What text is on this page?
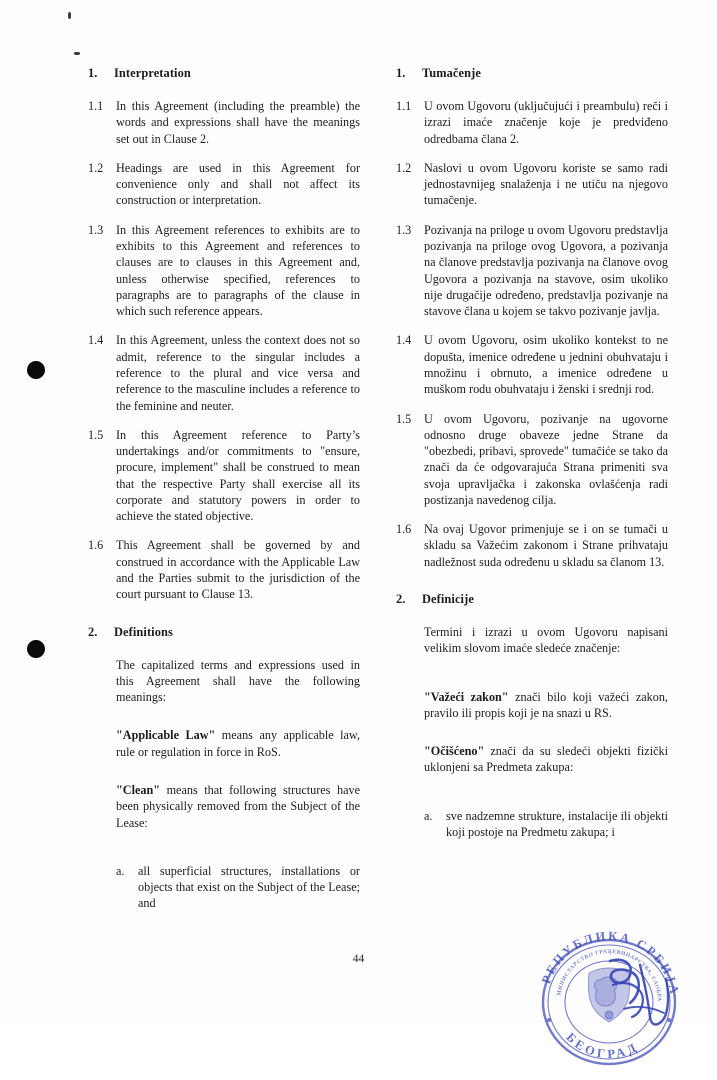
1.	Interpretation
1.1	In this Agreement (including the preamble) the words and expressions shall have the meanings set out in Clause 2.
1.2	Headings are used in this Agreement for convenience only and shall not affect its construction or interpretation.
1.3	In this Agreement references to exhibits are to exhibits to this Agreement and references to clauses are to clauses in this Agreement and, unless otherwise specified, references to paragraphs are to paragraphs of the clause in which such reference appears.
1.4	In this Agreement, unless the context does not so admit, reference to the singular includes a reference to the plural and vice versa and reference to the masculine includes a reference to the feminine and neuter.
1.5	In this Agreement reference to Party’s undertakings and/or commitments to "ensure, procure, implement" shall be construed to mean that the respective Party shall exercise all its corporate and statutory powers in order to achieve the stated objective.
1.6	This Agreement shall be governed by and construed in accordance with the Applicable Law and the Parties submit to the jurisdiction of the court pursuant to Clause 13.
2.	Definitions
The capitalized terms and expressions used in this Agreement shall have the following meanings:
"Applicable Law" means any applicable law, rule or regulation in force in RoS.
"Clean" means that following structures have been physically removed from the Subject of the Lease:
a.	all superficial structures, installations or objects that exist on the Subject of the Lease; and
1.	Tumačenje
1.1	U ovom Ugovoru (uključujući i preambulu) reči i izrazi imaće značenje koje je predviđeno odredbama člana 2.
1.2	Naslovi u ovom Ugovoru koriste se samo radi jednostavnijeg snalaženja i ne utiču na njegovo tumačenje.
1.3	Pozivanja na priloge u ovom Ugovoru predstavlja pozivanja na priloge ovog Ugovora, a pozivanja na članove predstavlja pozivanja na članove ovog Ugovora a pozivanja na stavove, osim ukoliko nije drugačije određeno, predstavlja pozivanje na stavove člana u kojem se takvo pozivanje javlja.
1.4	U ovom Ugovoru, osim ukoliko kontekst to ne dopušta, imenice određene u jednini obuhvataju i množinu i obrnuto, a imenice određene u muškom rodu obuhvataju i ženski i srednji rod.
1.5	U ovom Ugovoru, pozivanje na ugovorne odnosno druge obaveze jedne Strane da "obezbedi, pribavi, sprovede" tumačiće se tako da znači da će odgovarajuća Strana primeniti sva svoja upravljačka i zakonska ovlašćenja radi postizanja navedenog cilja.
1.6	Na ovaj Ugovor primenjuje se i on se tumači u skladu sa Važećim zakonom i Strane prihvataju nadležnost suda određenu u skladu sa članom 13.
2.	Definicije
Termini i izrazi u ovom Ugovoru napisani velikim slovom imaće sledeće značenje:
"Važeći zakon" znači bilo koji važeći zakon, pravilo ili propis koji je na snazi u RS.
"Očišćeno" znači da su sledeći objekti fizički uklonjeni sa Predmeta zakupa:
a.	sve nadzemne strukture, instalacije ili objekti koji postoje na Predmetu zakupa; i
44
РЕПУБЛИКА СРБИЈА
БЕОГРАД
МИНИСТАРСТВО ГРАЂЕВИНАРСТВА, САОБРАЋАЈА И ИНФРАСТРУКТУРЕ
